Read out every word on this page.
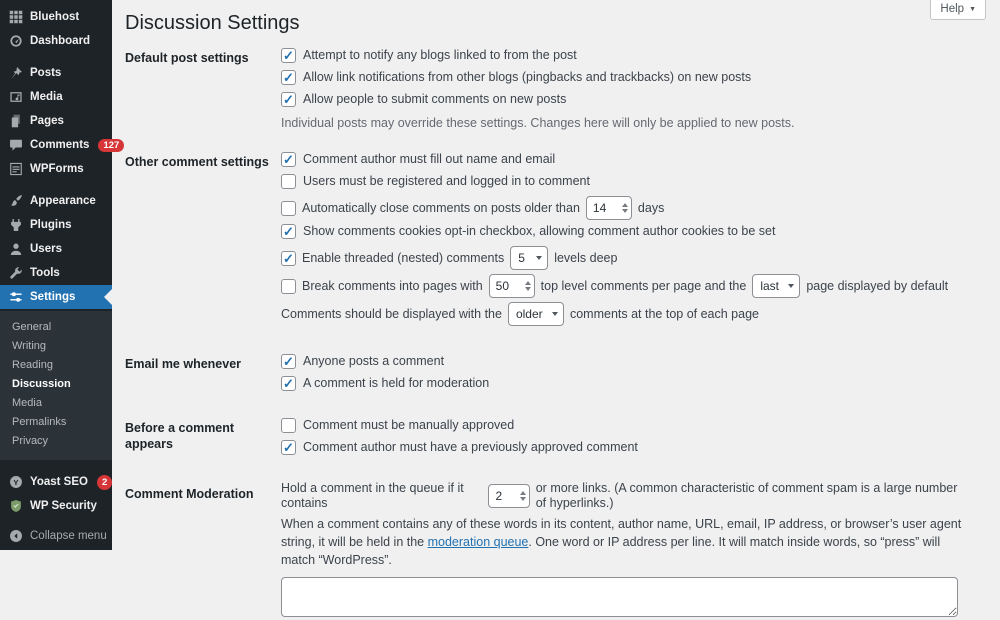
Bluehost
Dashboard
Posts
Media
Pages
Comments	127
WPForms
Appearance
Plugins
Users
Tools
Settings
General
Writing
Reading
Discussion
Media
Permalinks
Privacy
Y Yoast SEO	2
WP Security
Collapse menu
Help ▼
Discussion Settings
Default post settings	Attempt to notify any blogs linked to from the post
Allow link notifications from other blogs (pingbacks and trackbacks) on new posts
Allow people to submit comments on new posts
Individual posts may override these settings. Changes here will only be applied to new posts.
Other comment settings	Comment author must fill out name and email
Users must be registered and logged in to comment
Automatically close comments on posts older than
14	days
Show comments cookies opt-in checkbox, allowing comment author cookies to be set
Enable threaded (nested) comments
5	levels deep
Break comments into pages with
50	top level comments per page and the
last	page displayed by default
Comments should be displayed with the
older	comments at the top of each page
Email me whenever	Anyone posts a comment
A comment is held for moderation
Before a comment appears
Comment must be manually approved
Comment author must have a previously approved comment
Comment Moderation	Hold a comment in the queue if it contains
2
or more links. (A common characteristic of comment spam is a large number of hyperlinks.)

When a comment contains any of these words in its content, author name, URL, email, IP address, or browser’s user agent string, it will be held in the moderation queue. One word or IP address per line. It will match inside words, so “press” will match “WordPress”.
